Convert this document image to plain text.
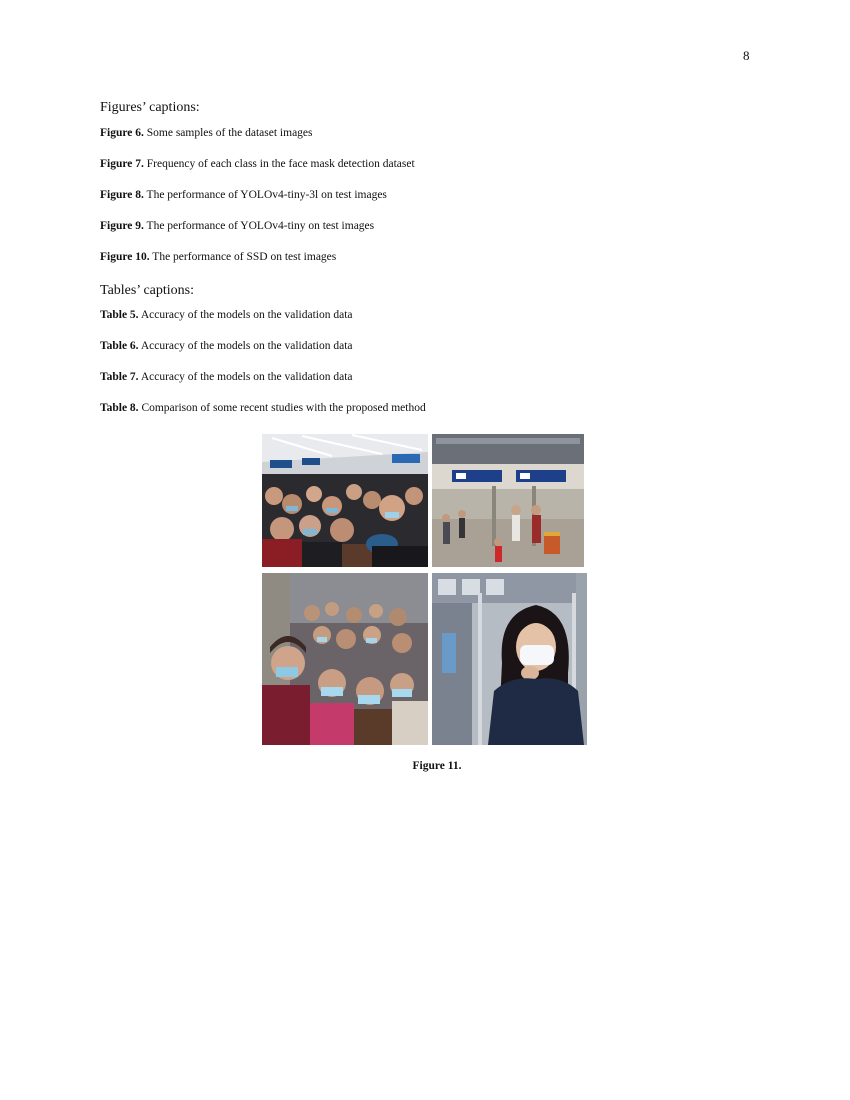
8
Figures’ captions:
Figure 6. Some samples of the dataset images
Figure 7. Frequency of each class in the face mask detection dataset
Figure 8. The performance of YOLOv4-tiny-3l on test images
Figure 9. The performance of YOLOv4-tiny on test images
Figure 10. The performance of SSD on test images
Tables’ captions:
Table 5. Accuracy of the models on the validation data
Table 6. Accuracy of the models on the validation data
Table 7. Accuracy of the models on the validation data
Table 8. Comparison of some recent studies with the proposed method
Figure 11.
